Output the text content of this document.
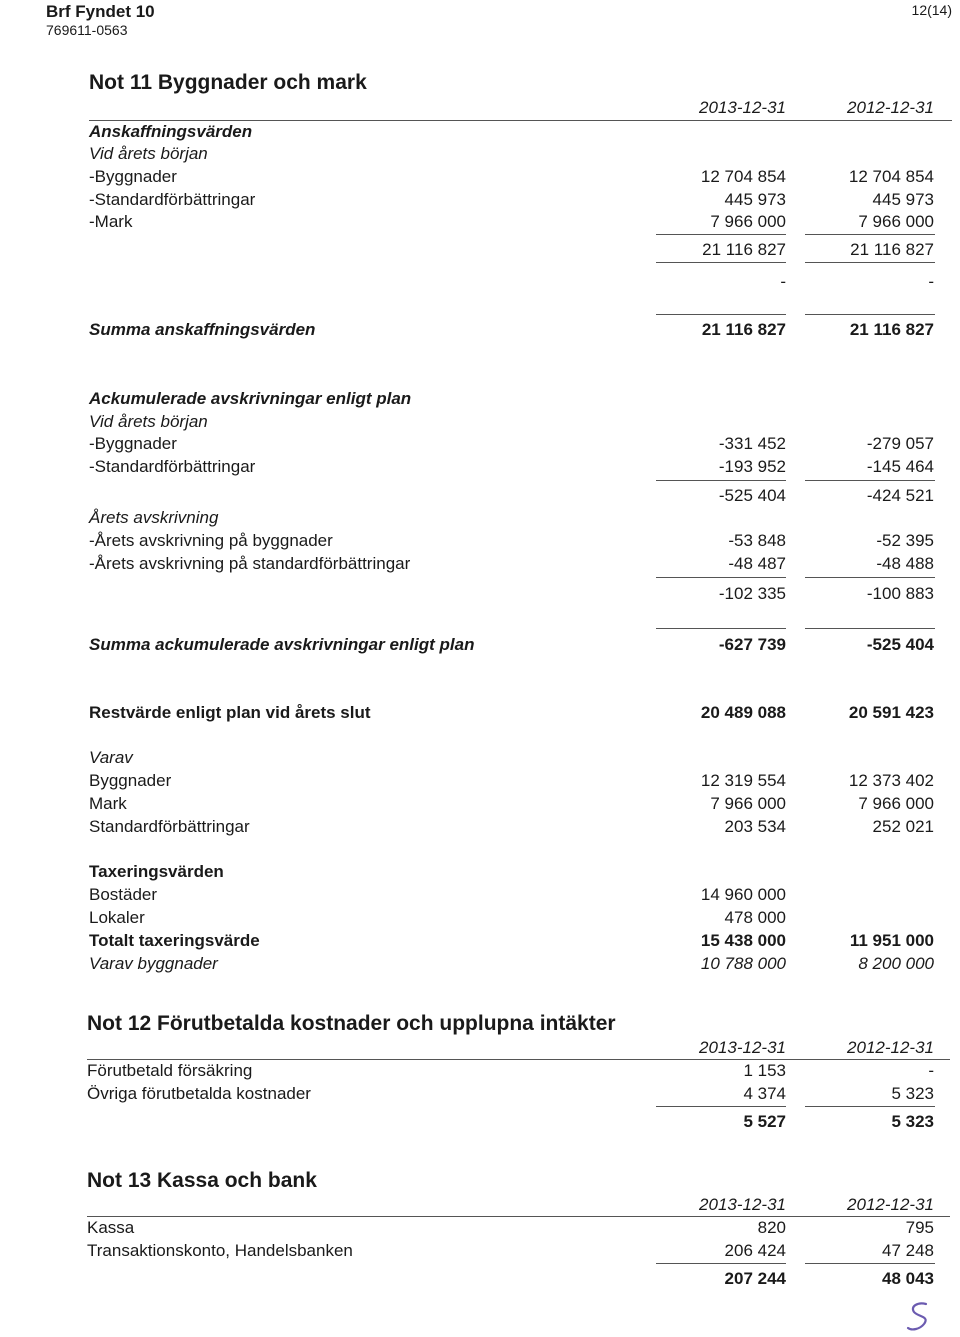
Brf Fyndet 10
769611-0563
12(14)
Not 11 Byggnader och mark
2013-12-31	2012-12-31
Anskaffningsvärden
Vid årets början
-Byggnader	12 704 854	12 704 854
-Standardförbättringar	445 973	445 973
-Mark	7 966 000	7 966 000
21 116 827	21 116 827
-	-
Summa anskaffningsvärden	21 116 827	21 116 827
Ackumulerade avskrivningar enligt plan
Vid årets början
-Byggnader	-331 452	-279 057
-Standardförbättringar	-193 952	-145 464
-525 404	-424 521
Årets avskrivning
-Årets avskrivning på byggnader	-53 848	-52 395
-Årets avskrivning på standardförbättringar	-48 487	-48 488
-102 335	-100 883
Summa ackumulerade avskrivningar enligt plan	-627 739	-525 404
Restvärde enligt plan vid årets slut	20 489 088	20 591 423
Varav
Byggnader	12 319 554	12 373 402
Mark	7 966 000	7 966 000
Standardförbättringar	203 534	252 021
Taxeringsvärden
Bostäder	14 960 000
Lokaler	478 000
Totalt taxeringsvärde	15 438 000	11 951 000
Varav byggnader	10 788 000	8 200 000
Not 12 Förutbetalda kostnader och upplupna intäkter
2013-12-31	2012-12-31
Förutbetald försäkring	1 153	-
Övriga förutbetalda kostnader	4 374	5 323
5 527	5 323
Not 13 Kassa och bank
2013-12-31	2012-12-31
Kassa	820	795
Transaktionskonto, Handelsbanken	206 424	47 248
207 244	48 043
